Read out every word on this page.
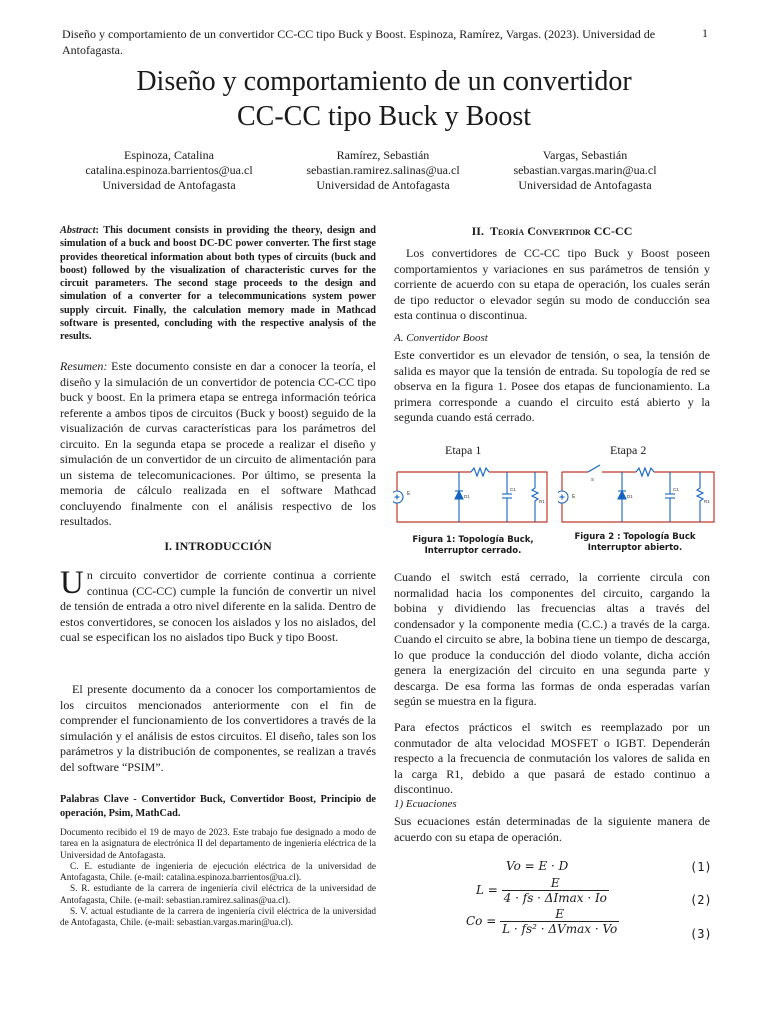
Diseño y comportamiento de un convertidor CC-CC tipo Buck y Boost. Espinoza, Ramírez, Vargas. (2023). Universidad de Antofagasta.
1
Diseño y comportamiento de un convertidor
CC-CC tipo Buck y Boost
Espinoza, Catalina
catalina.espinoza.barrientos@ua.cl
Universidad de Antofagasta
Ramírez, Sebastián
sebastian.ramirez.salinas@ua.cl
Universidad de Antofagasta
Vargas, Sebastián
sebastian.vargas.marin@ua.cl
Universidad de Antofagasta
Abstract: This document consists in providing the theory, design and simulation of a buck and boost DC-DC power converter. The first stage provides theoretical information about both types of circuits (buck and boost) followed by the visualization of characteristic curves for the circuit parameters. The second stage proceeds to the design and simulation of a converter for a telecommunications system power supply circuit. Finally, the calculation memory made in Mathcad software is presented, concluding with the respective analysis of the results.
Resumen: Este documento consiste en dar a conocer la teoría, el diseño y la simulación de un convertidor de potencia CC-CC tipo buck y boost. En la primera etapa se entrega información teórica referente a ambos tipos de circuitos (Buck y boost) seguido de la visualización de curvas características para los parámetros del circuito. En la segunda etapa se procede a realizar el diseño y simulación de un convertidor de un circuito de alimentación para un sistema de telecomunicaciones. Por último, se presenta la memoria de cálculo realizada en el software Mathcad concluyendo finalmente con el análisis respectivo de los resultados.
I. INTRODUCCIÓN
Un circuito convertidor de corriente continua a corriente continua (CC-CC) cumple la función de convertir un nivel de tensión de entrada a otro nivel diferente en la salida. Dentro de estos convertidores, se conocen los aislados y los no aislados, del cual se especifican los no aislados tipo Buck y tipo Boost.
El presente documento da a conocer los comportamientos de los circuitos mencionados anteriormente con el fin de comprender el funcionamiento de los convertidores a través de la simulación y el análisis de estos circuitos. El diseño, tales son los parámetros y la distribución de componentes, se realizan a través del software “PSIM”.
Palabras Clave - Convertidor Buck, Convertidor Boost, Principio de operación, Psim, MathCad.

Documento recibido el 19 de mayo de 2023. Este trabajo fue designado a modo de tarea en la asignatura de electrónica II del departamento de ingeniería eléctrica de la Universidad de Antofagasta.

C. E. estudiante de ingeniería de ejecución eléctrica de la universidad de Antofagasta, Chile. (e-mail: catalina.espinoza.barrientos@ua.cl).

S. R. estudiante de la carrera de ingeniería civil eléctrica de la universidad de Antofagasta, Chile. (e-mail: sebastian.ramirez.salinas@ua.cl).

S. V. actual estudiante de la carrera de ingeniería civil eléctrica de la universidad de Antofagasta, Chile. (e-mail: sebastian.vargas.marin@ua.cl).

II. Teoría Convertidor CC-CC
Los convertidores de CC-CC tipo Buck y Boost poseen comportamientos y variaciones en sus parámetros de tensión y corriente de acuerdo con su etapa de operación, los cuales serán de tipo reductor o elevador según su modo de conducción sea esta continua o discontinua.
A. Convertidor Boost
Este convertidor es un elevador de tensión, o sea, la tensión de salida es mayor que la tensión de entrada. Su topología de red se observa en la figura 1. Posee dos etapas de funcionamiento. La primera corresponde a cuando el circuito está abierto y la segunda cuando está cerrado.
Etapa 1	Etapa 2
E	D1
C1
R1
E
S
D1
C1
R1
Figura 1: Topología Buck,
Interruptor cerrado.
Figura 2 : Topología Buck
Interruptor abierto.
Cuando el switch está cerrado, la corriente circula con normalidad hacia los componentes del circuito, cargando la bobina y dividiendo las frecuencias altas a través del condensador y la componente media (C.C.) a través de la carga. Cuando el circuito se abre, la bobina tiene un tiempo de descarga, lo que produce la conducción del diodo volante, dicha acción genera la energización del circuito en una segunda parte y descarga. De esa forma las formas de onda esperadas varían según se muestra en la figura.
Para efectos prácticos el switch es reemplazado por un conmutador de alta velocidad MOSFET o IGBT. Dependerán respecto a la frecuencia de conmutación los valores de salida en la carga R1, debido a que pasará de estado continuo a discontinuo.
1) Ecuaciones
Sus ecuaciones están determinadas de la siguiente manera de acuerdo con su etapa de operación.
Vo = E · D	(1)
$L = \frac{E}{4 \cdot fs \cdot \Delta Imax \cdot Io}$	(2)
$Co = \frac{E}{\text{L · fs² · ΔVmax · Vo}}$	(3)
